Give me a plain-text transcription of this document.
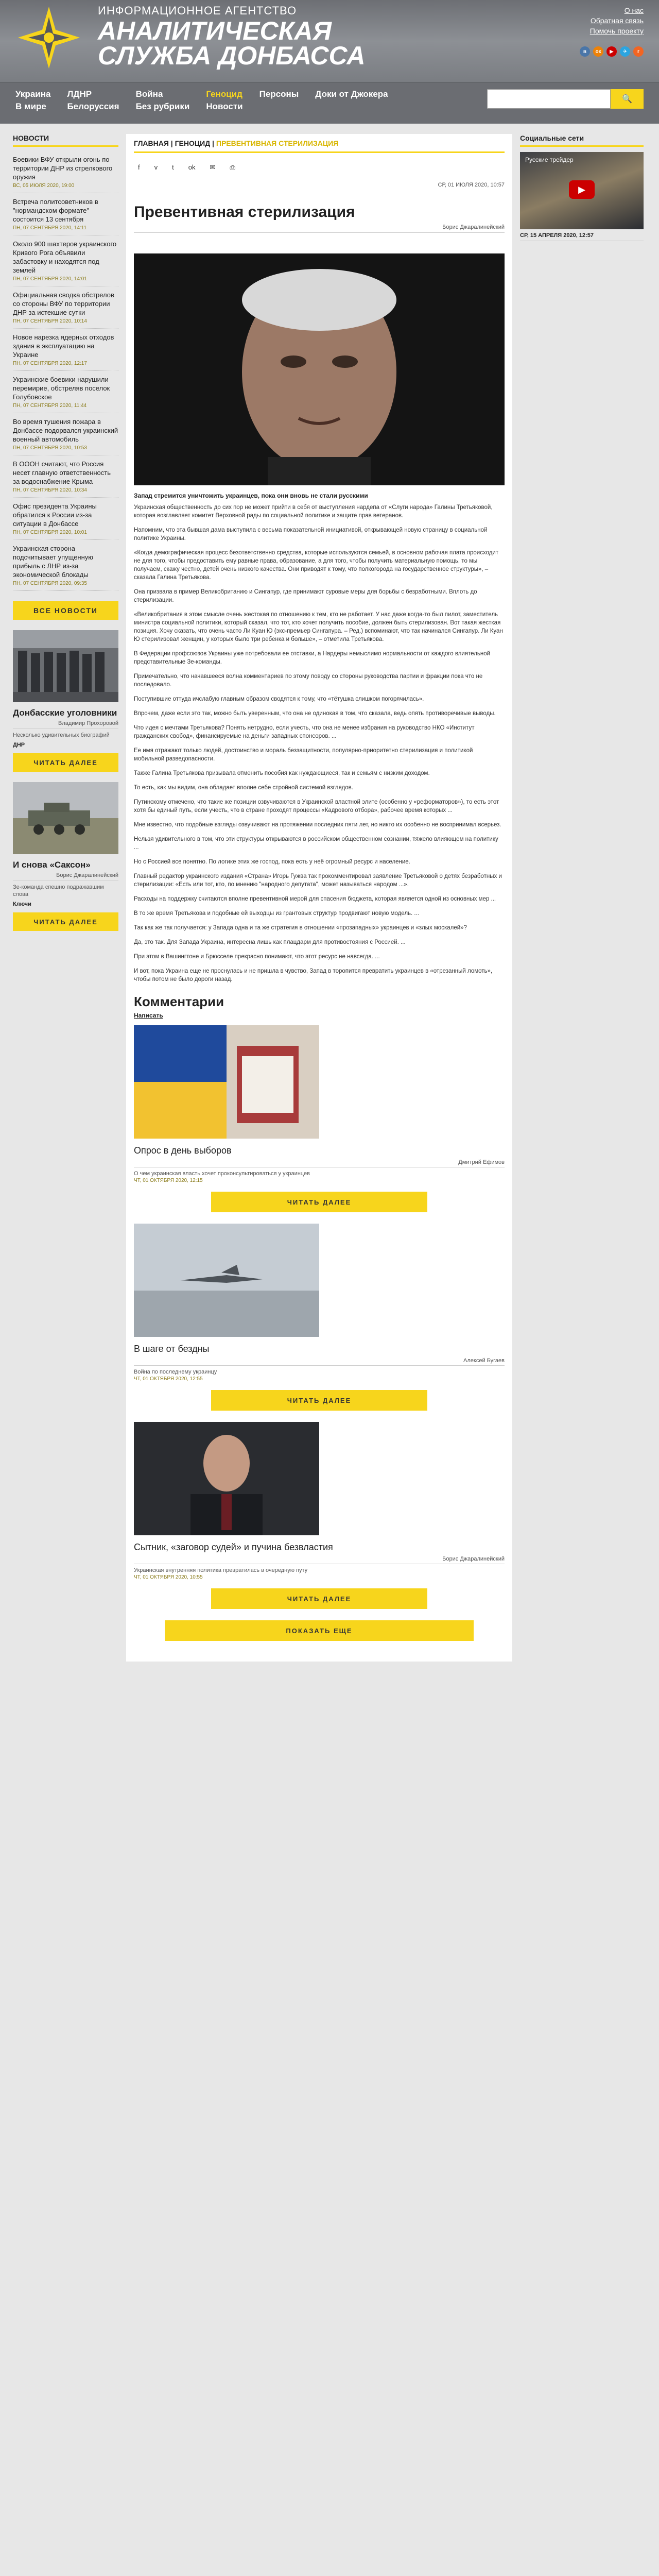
ИНФОРМАЦИОННОЕ АГЕНТСТВО
АНАЛИТИЧЕСКАЯ
СЛУЖБА ДОНБАССА
О нас
Обратная связь
Помочь проекту
в	ок	▶	✈	r
Украина
В мире
ЛДНР
Белоруссия
Война
Без рубрики
Геноцид
Новости
Персоны Доки от Джокера
🔍
НОВОСТИ
Боевики ВФУ открыли огонь по территории ДНР из стрелкового оружия
ВС, 05 ИЮЛЯ 2020, 19:00
Встреча политсоветников в "нормандском формате" состоится 13 сентября
ПН, 07 СЕНТЯБРЯ 2020, 14:11
Около 900 шахтеров украинского Кривого Рога объявили забастовку и находятся под землей
ПН, 07 СЕНТЯБРЯ 2020, 14:01
Официальная сводка обстрелов со стороны ВФУ по территории ДНР за истекшие сутки
ПН, 07 СЕНТЯБРЯ 2020, 10:14
Новое нарезка ядерных отходов здания в эксплуатацию на Украине
ПН, 07 СЕНТЯБРЯ 2020, 12:17
Украинские боевики нарушили перемирие, обстреляв поселок Голубовское
ПН, 07 СЕНТЯБРЯ 2020, 11:44
Во время тушения пожара в Донбассе подорвался украинский военный автомобиль
ПН, 07 СЕНТЯБРЯ 2020, 10:53
В ОООН считают, что Россия несет главную ответственность за водоснабжение Крыма
ПН, 07 СЕНТЯБРЯ 2020, 10:34
Офис президента Украины обратился к России из-за ситуации в Донбассе
ПН, 07 СЕНТЯБРЯ 2020, 10:01
Украинская сторона подсчитывает упущенную прибыль с ЛНР из-за экономической блокады
ПН, 07 СЕНТЯБРЯ 2020, 09:35
ВСЕ НОВОСТИ
Донбасские уголовники
Владимир Прохоровой
Несколько удивительных биографий
ДНР
ЧИТАТЬ ДАЛЕЕ
И снова «Саксон»
Борис Джаралинейский
Зе-команда спешно подражавшим слова
Ключи
ЧИТАТЬ ДАЛЕЕ
ГЛАВНАЯ | ГЕНОЦИД | ПРЕВЕНТИВНАЯ СТЕРИЛИЗАЦИЯ
f v t ok ✉ ⎙
СР, 01 ИЮЛЯ 2020, 10:57
Превентивная стерилизация
Борис Джаралинейский
Запад стремится уничтожить украинцев, пока они вновь не стали русскими

Украинская общественность до сих пор не может прийти в себя от выступления нардепа от «Слуги народа» Галины Третьяковой, которая возглавляет комитет Верховной рады по социальной политике и защите прав ветеранов.

Напомним, что эта бывшая дама выступила с весьма показательной инициативой, открывающей новую страницу в социальной политике Украины.

«Когда демографическая процесс безответственно средства, которые используются семьей, в основном рабочая плата происходит не для того, чтобы предоставить ему равные права, образование, а для того, чтобы получить материальную помощь, то мы получаем, скажу честно, детей очень низкого качества. Они приводят к тому, что полкогорода на государственное структуры», – сказала Галина Третьякова.

Она призвала в пример Великобританию и Сингапур, где принимают суровые меры для борьбы с безработными. Вплоть до стерилизации.

«Великобритания в этом смысле очень жестокая по отношению к тем, кто не работает. У нас даже когда-то был пилот, заместитель министра социальной политики, который сказал, что тот, кто хочет получить пособие, должен быть стерилизован. Вот такая жесткая позиция. Хочу сказать, что очень часто Ли Куан Ю (экс-премьер Сингапура. – Ред.) вспоминают, что так начинался Сингапур. Ли Куан Ю стерилизовал женщин, у которых было три ребенка и больше», – отметила Третьякова.

В Федерации профсоюзов Украины уже потребовали ее отставки, а Нардеры немыслимо нормальности от каждого влиятельной представительные Зе-команды.

Примечательно, что начавшееся волна комментариев по этому поводу со стороны руководства партии и фракции пока что не последовало.

Поступившие оттуда ичслабую главным образом сводятся к тому, что «тётушка слишком погорячилась».

Впрочем, даже если это так, можно быть уверенным, что она не одинокая в том, что сказала, ведь опять противоречивые выводы.

Что идея с мечтами Третьякова? Понять нетрудно, если учесть, что она не менее избрания на руководство НКО «Институт гражданских свобод», финансируемые на деньги западных спонсоров. ...

Ее имя отражают только людей, достоинство и мораль беззащитности, популярно-приоритетно стерилизация и политикой мобильной разведопасности.

Также Галина Третьякова призывала отменить пособия как нуждающиеся, так и семьям с низким доходом.

То есть, как мы видим, она обладает вполне себе стройной системой взглядов.

Путинскому отмечено, что такие же позиции озвучиваются в Украинской властной элите (особенно у «реформаторов»), то есть этот хотя бы единый путь, если учесть, что в стране проходят процессы «Кадрового отбора», рабочее время которых ...

Мне известно, что подобные взгляды озвучивают на протяжении последних пяти лет, но никто их особенно не воспринимал всерьез.

Нельзя удивительного в том, что эти структуры открываются в российском общественном сознании, тяжело влияющем на политику ...

Но с Россией все понятно. По логике этих же господ, пока есть у неё огромный ресурс и население.

Главный редактор украинского издания «Страна» Игорь Гужва так прокомментировал заявление Третьяковой о детях безработных и стерилизации: «Есть или тот, кто, по мнению "народного депутата", может называться народом ...».

Расходы на поддержку считаются вполне превентивной мерой для спасения бюджета, которая является одной из основных мер ...

В то же время Третьякова и подобные ей выходцы из грантовых структур продвигают новую модель. ...

Так как же так получается: у Запада одна и та же стратегия в отношении «прозападных» украинцев и «злых москалей»?

Да, это так. Для Запада Украина, интересна лишь как плацдарм для противостояния с Россией. ...

При этом в Вашингтоне и Брюсселе прекрасно понимают, что этот ресурс не навсегда. ...

И вот, пока Украина еще не проснулась и не пришла в чувство, Запад в торопится превратить украинцев в «отрезанный ломоть», чтобы потом не было дороги назад.

Комментарии
Написать
Опрос в день выборов
Дмитрий Ефимов
О чем украинская власть хочет проконсультироваться у украинцев
ЧТ, 01 ОКТЯБРЯ 2020, 12:15
ЧИТАТЬ ДАЛЕЕ
В шаге от бездны
Алексей Бугаев
Война по последнему украинцу
ЧТ, 01 ОКТЯБРЯ 2020, 12:55
ЧИТАТЬ ДАЛЕЕ
Сытник, «заговор судей» и пучина безвластия
Борис Джаралинейский
Украинская внутренняя политика превратилась в очередную путу
ЧТ, 01 ОКТЯБРЯ 2020, 10:55
ЧИТАТЬ ДАЛЕЕ
ПОКАЗАТЬ ЕЩЕ
Социальные сети
Русские трейдер
▶
СР, 15 АПРЕЛЯ 2020, 12:57
